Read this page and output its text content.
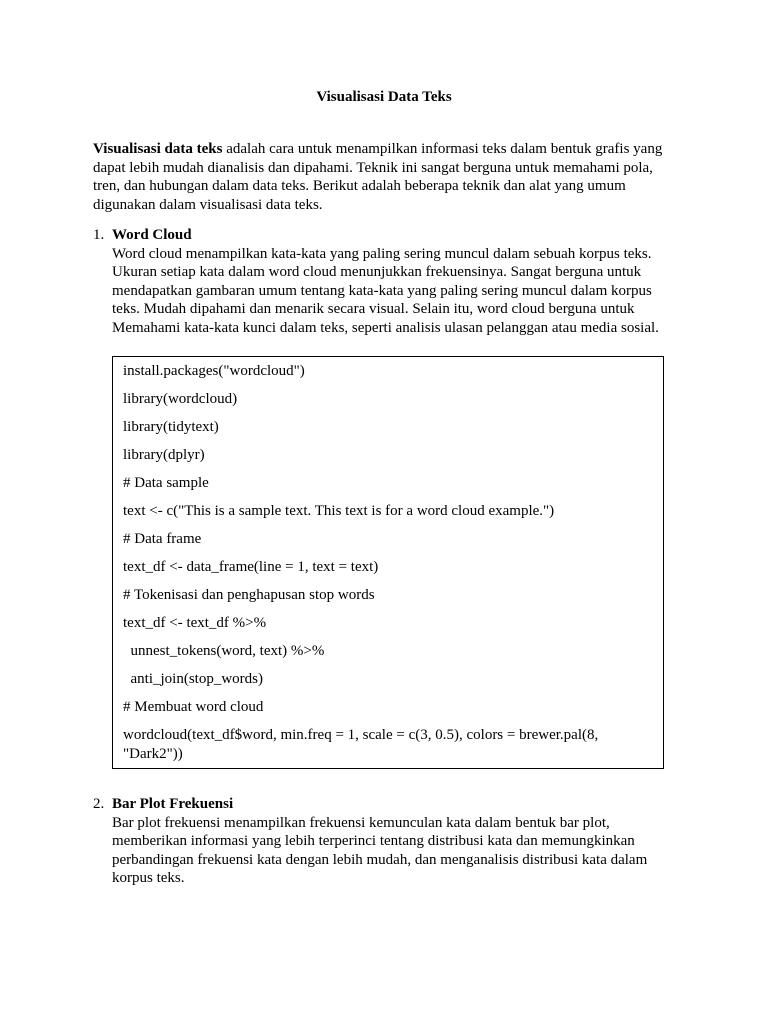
Visualisasi Data Teks
Visualisasi data teks adalah cara untuk menampilkan informasi teks dalam bentuk grafis yang dapat lebih mudah dianalisis dan dipahami. Teknik ini sangat berguna untuk memahami pola, tren, dan hubungan dalam data teks. Berikut adalah beberapa teknik dan alat yang umum digunakan dalam visualisasi data teks.
1. Word Cloud
Word cloud menampilkan kata-kata yang paling sering muncul dalam sebuah korpus teks. Ukuran setiap kata dalam word cloud menunjukkan frekuensinya. Sangat berguna untuk mendapatkan gambaran umum tentang kata-kata yang paling sering muncul dalam korpus teks. Mudah dipahami dan menarik secara visual. Selain itu, word cloud berguna untuk Memahami kata-kata kunci dalam teks, seperti analisis ulasan pelanggan atau media sosial.
install.packages("wordcloud")
library(wordcloud)
library(tidytext)
library(dplyr)
# Data sample
text <- c("This is a sample text. This text is for a word cloud example.")
# Data frame
text_df <- data_frame(line = 1, text = text)
# Tokenisasi dan penghapusan stop words
text_df <- text_df %>%
unnest_tokens(word, text) %>%
anti_join(stop_words)
# Membuat word cloud
wordcloud(text_df$word, min.freq = 1, scale = c(3, 0.5), colors = brewer.pal(8, "Dark2"))
2. Bar Plot Frekuensi
Bar plot frekuensi menampilkan frekuensi kemunculan kata dalam bentuk bar plot, memberikan informasi yang lebih terperinci tentang distribusi kata dan memungkinkan perbandingan frekuensi kata dengan lebih mudah, dan menganalisis distribusi kata dalam korpus teks.
